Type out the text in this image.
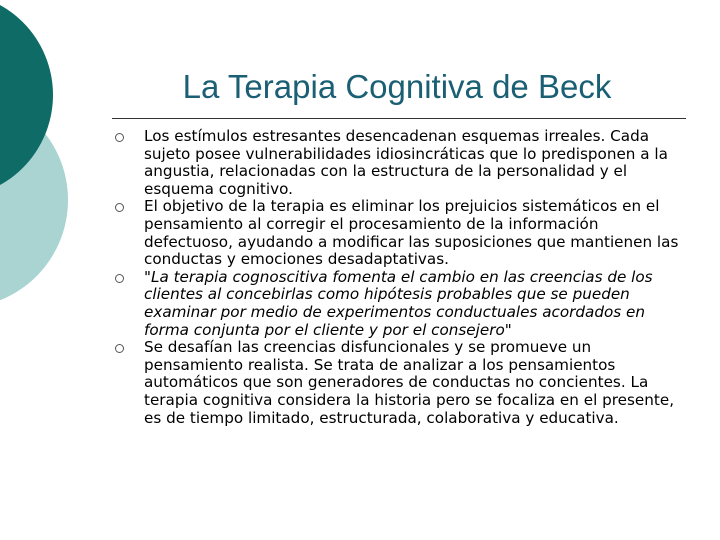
La Terapia Cognitiva de Beck
Los estímulos estresantes desencadenan esquemas irreales. Cada sujeto posee vulnerabilidades idiosincráticas que lo predisponen a la angustia, relacionadas con la estructura de la personalidad y el esquema cognitivo.
El objetivo de la terapia es eliminar los prejuicios sistemáticos en el pensamiento al corregir el procesamiento de la información defectuoso, ayudando a modificar las suposiciones que mantienen las conductas y emociones desadaptativas.
"La terapia cognoscitiva fomenta el cambio en las creencias de los clientes al concebirlas como hipótesis probables que se pueden examinar por medio de experimentos conductuales acordados en forma conjunta por el cliente y por el consejero"
Se desafían las creencias disfuncionales y se promueve un pensamiento realista. Se trata de analizar a los pensamientos automáticos que son generadores de conductas no concientes. La terapia cognitiva considera la historia pero se focaliza en el presente, es de tiempo limitado, estructurada, colaborativa y educativa.
